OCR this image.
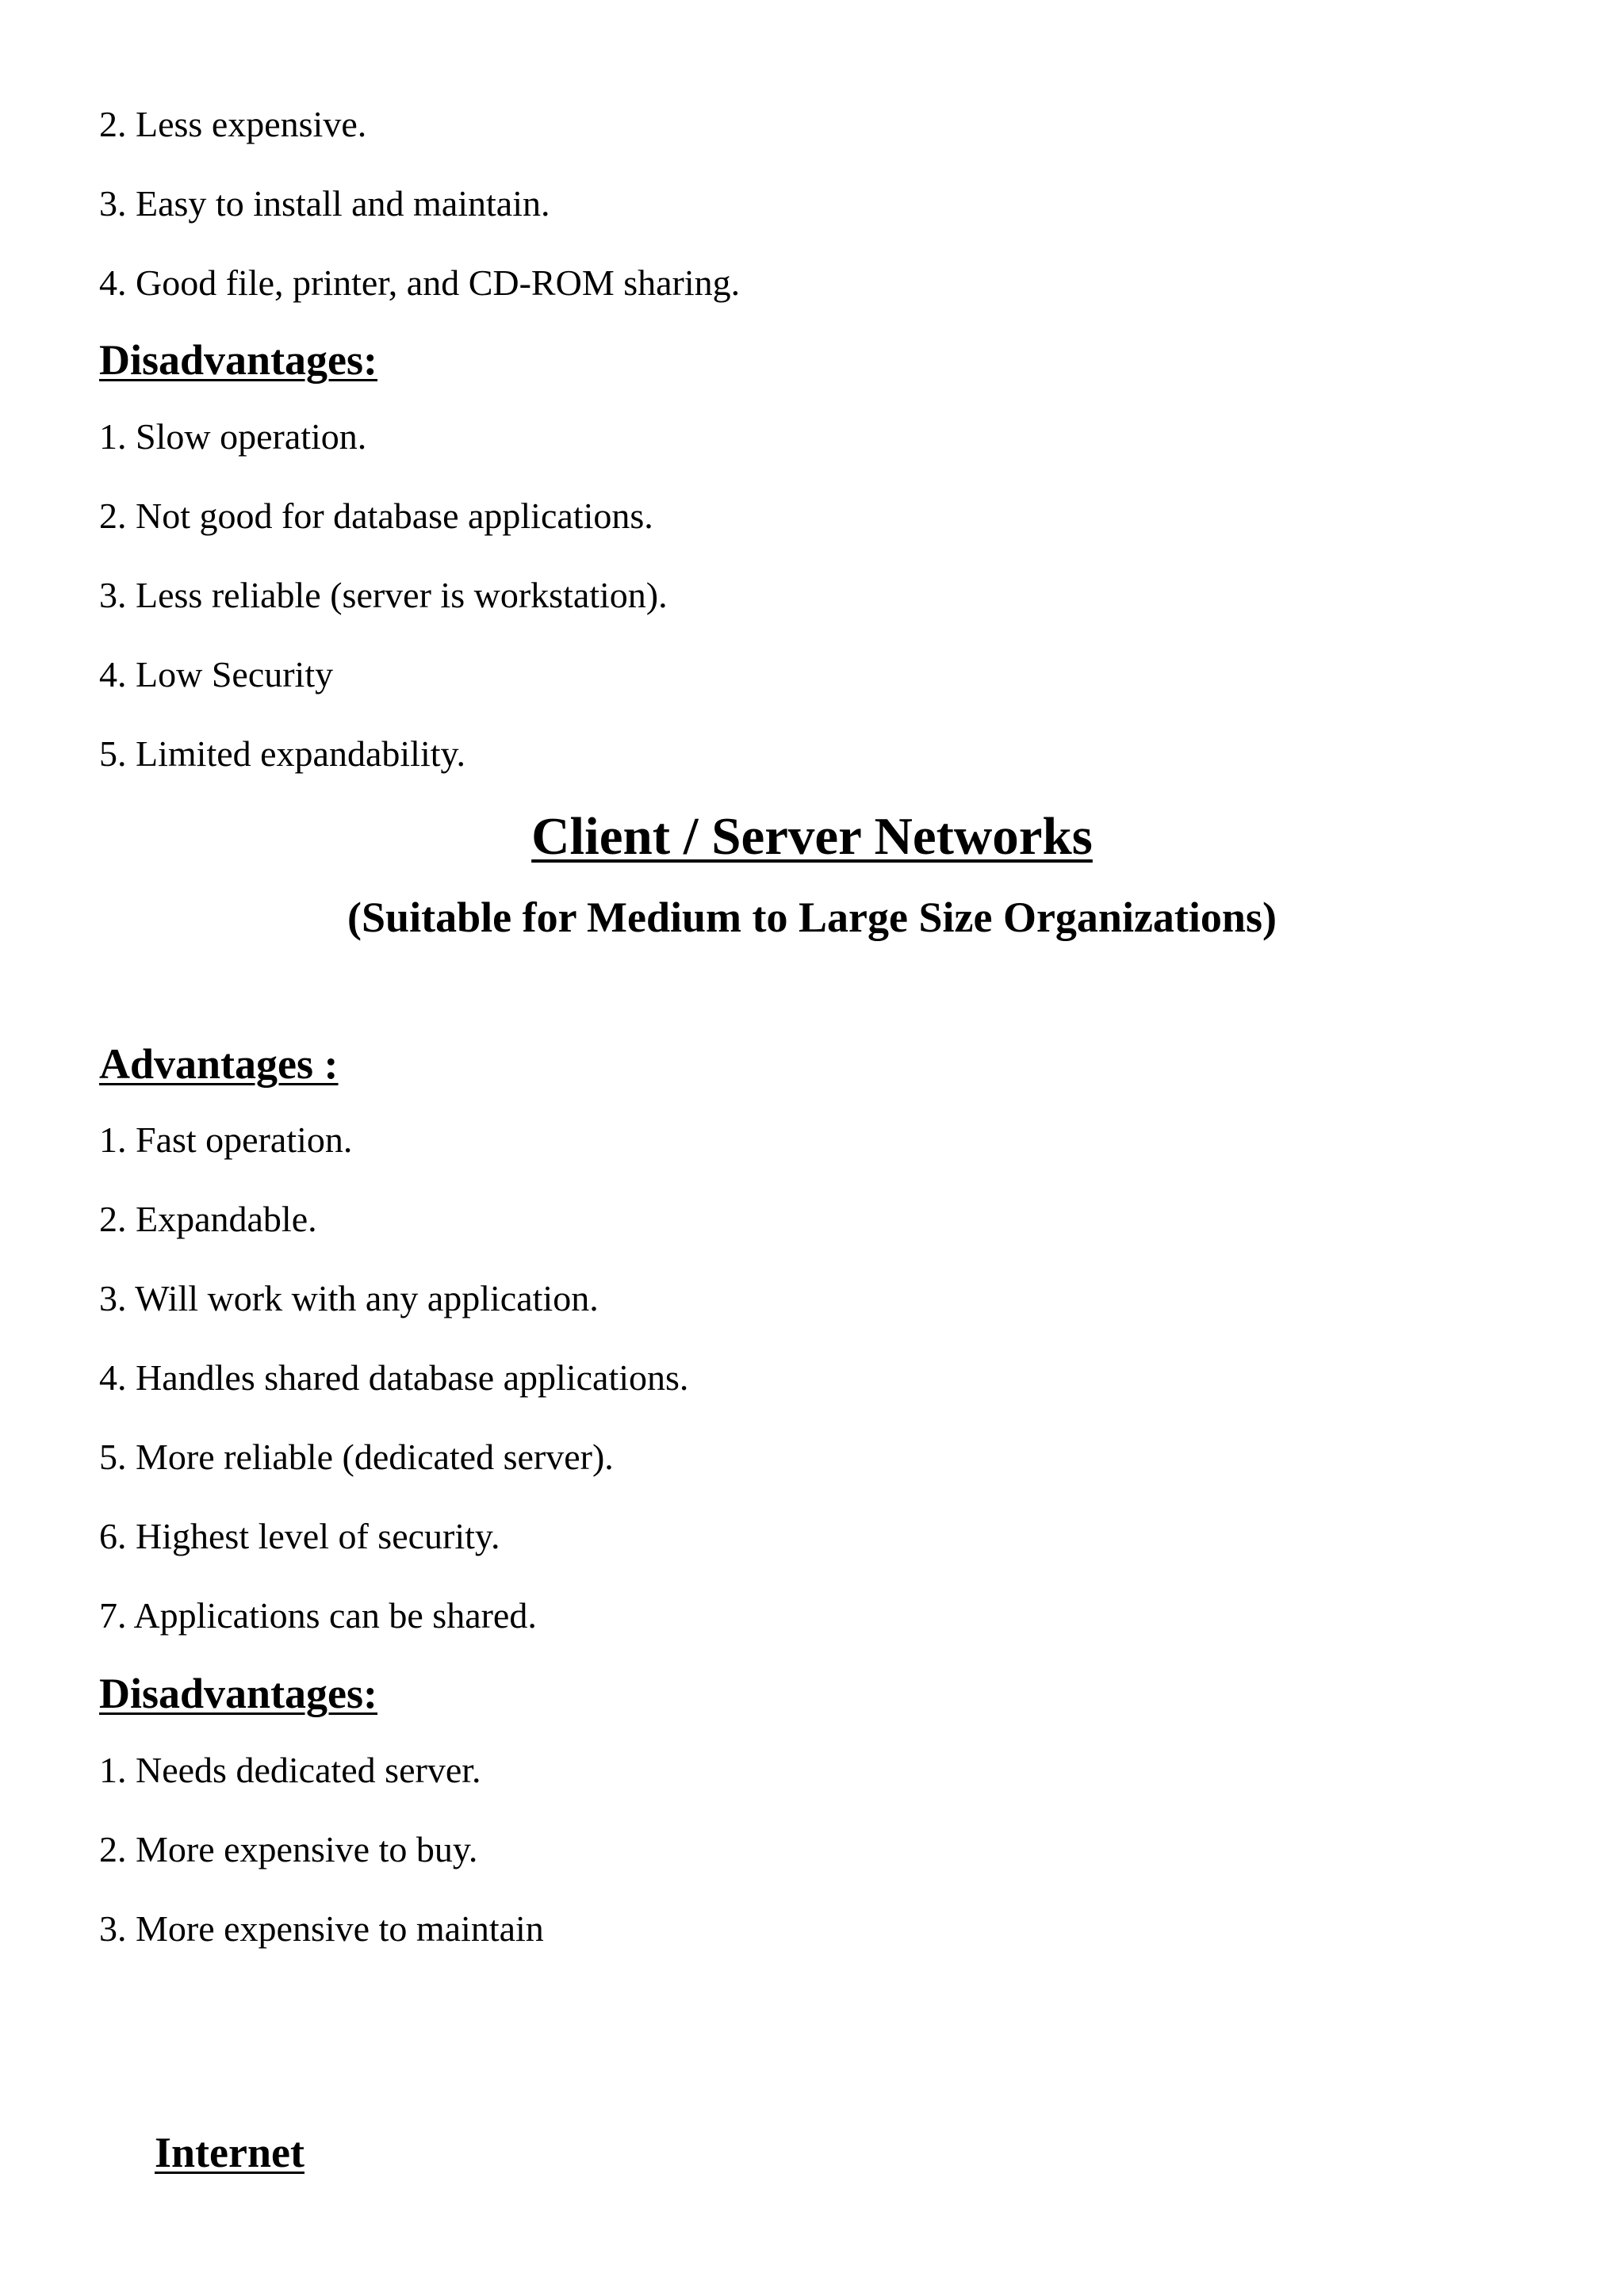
2. Less expensive.
3. Easy to install and maintain.
4. Good file, printer, and CD-ROM sharing.
Disadvantages:
1. Slow operation.
2. Not good for database applications.
3. Less reliable (server is workstation).
4. Low Security
5. Limited expandability.
Client / Server Networks
(Suitable for Medium to Large Size Organizations)
Advantages :
1. Fast operation.
2. Expandable.
3. Will work with any application.
4. Handles shared database applications.
5. More reliable (dedicated server).
6. Highest level of security.
7. Applications can be shared.
Disadvantages:
1. Needs dedicated server.
2. More expensive to buy.
3. More expensive to maintain
Internet
